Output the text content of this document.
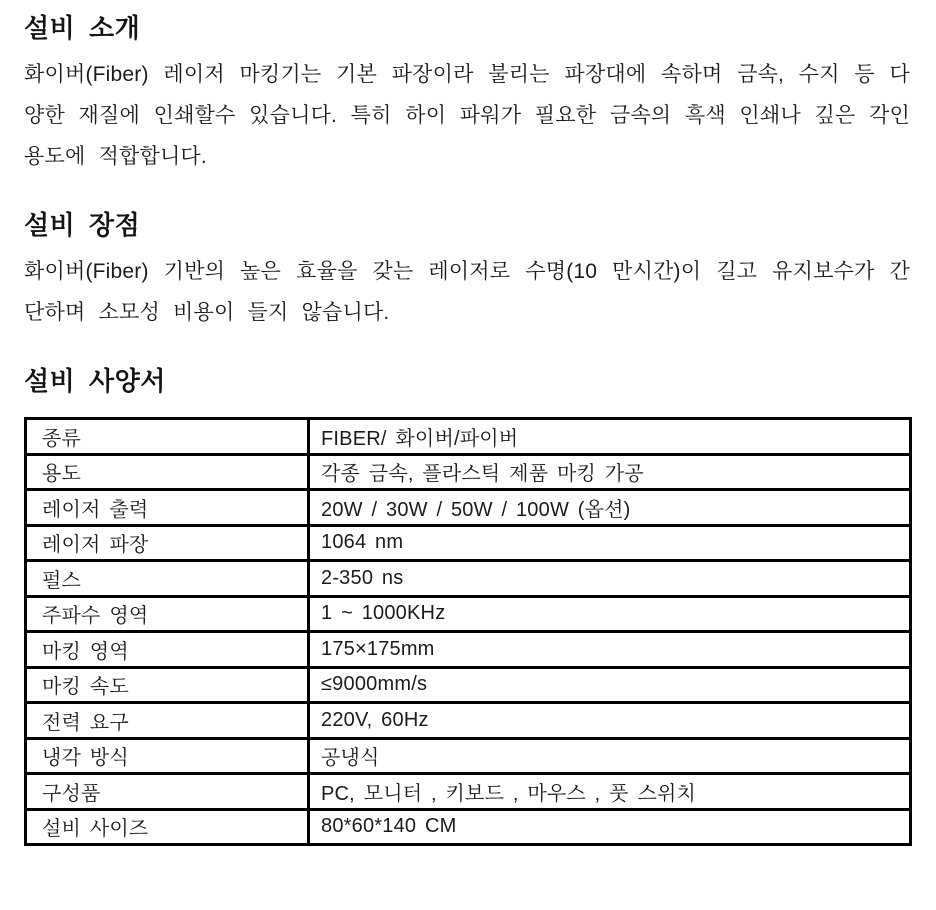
설비 소개
화이버(Fiber) 레이저 마킹기는 기본 파장이라 불리는 파장대에 속하며 금속, 수지 등 다양한 재질에 인쇄할수 있습니다. 특히 하이 파워가 필요한 금속의 흑색 인쇄나 깊은 각인 용도에 적합합니다.
설비 장점
화이버(Fiber) 기반의 높은 효율을 갖는 레이저로 수명(10 만시간)이 길고 유지보수가 간단하며 소모성 비용이 들지 않습니다.
설비 사양서
종류	FIBER/ 화이버/파이버
용도	각종 금속, 플라스틱 제품 마킹 가공
레이저 출력	20W / 30W / 50W / 100W (옵션)
레이저 파장	1064 nm
펄스	2-350 ns
주파수 영역	1 ~ 1000KHz
마킹 영역	175×175mm
마킹 속도	≤9000mm/s
전력 요구	220V, 60Hz
냉각 방식	공냉식
구성품	PC, 모니터 , 키보드 , 마우스 , 풋 스위치
설비 사이즈	80*60*140 CM
